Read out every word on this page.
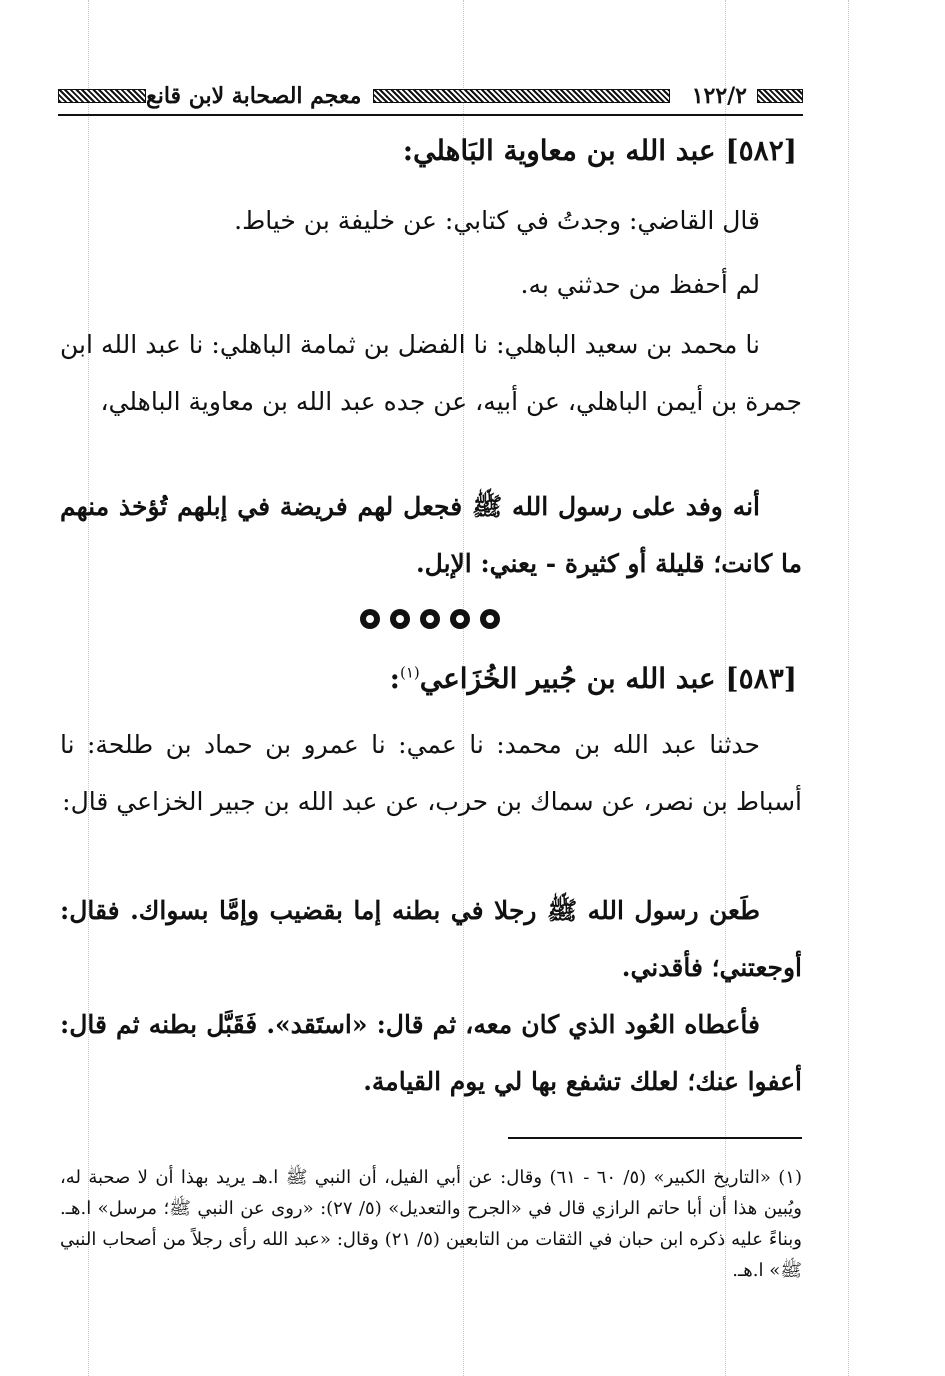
١٢٢/٢
معجم الصحابة لابن قانع
[٥٨٢] عبد الله بن معاوية البَاهلي:
قال القاضي: وجدتُ في كتابي: عن خليفة بن خياط.
لم أحفظ من حدثني به.
نا محمد بن سعيد الباهلي: نا الفضل بن ثمامة الباهلي: نا عبد الله ابن جمرة بن أيمن الباهلي، عن أبيه، عن جده عبد الله بن معاوية الباهلي،
أنه وفد على رسول الله ﷺ فجعل لهم فريضة في إبلهم تُؤخذ منهم ما كانت؛ قليلة أو كثيرة - يعني: الإبل.
[٥٨٣] عبد الله بن جُبير الخُزَاعي$^{(١)}$:
حدثنا عبد الله بن محمد: نا عمي: نا عمرو بن حماد بن طلحة: نا أسباط بن نصر، عن سماك بن حرب، عن عبد الله بن جبير الخزاعي قال:
طَعن رسول الله ﷺ رجلا في بطنه إما بقضيب وإمَّا بسواك. فقال: أوجعتني؛ فأقدني.
فأعطاه العُود الذي كان معه، ثم قال: «استَقد». فَقَبَّل بطنه ثم قال: أعفوا عنك؛ لعلك تشفع بها لي يوم القيامة.
(١) «التاريخ الكبير» (٥/ ٦٠ - ٦١) وقال: عن أبي الفيل، أن النبي ﷺ ا.هـ يريد بهذا أن لا صحبة له، ويُبين هذا أن أبا حاتم الرازي قال في «الجرح والتعديل» (٥/ ٢٧): «روى عن النبي ﷺ؛ مرسل» ا.هـ. وبناءً عليه ذكره ابن حبان في الثقات من التابعين (٥/ ٢١) وقال: «عبد الله رأى رجلاً من أصحاب النبي ﷺ» ا.هـ.
